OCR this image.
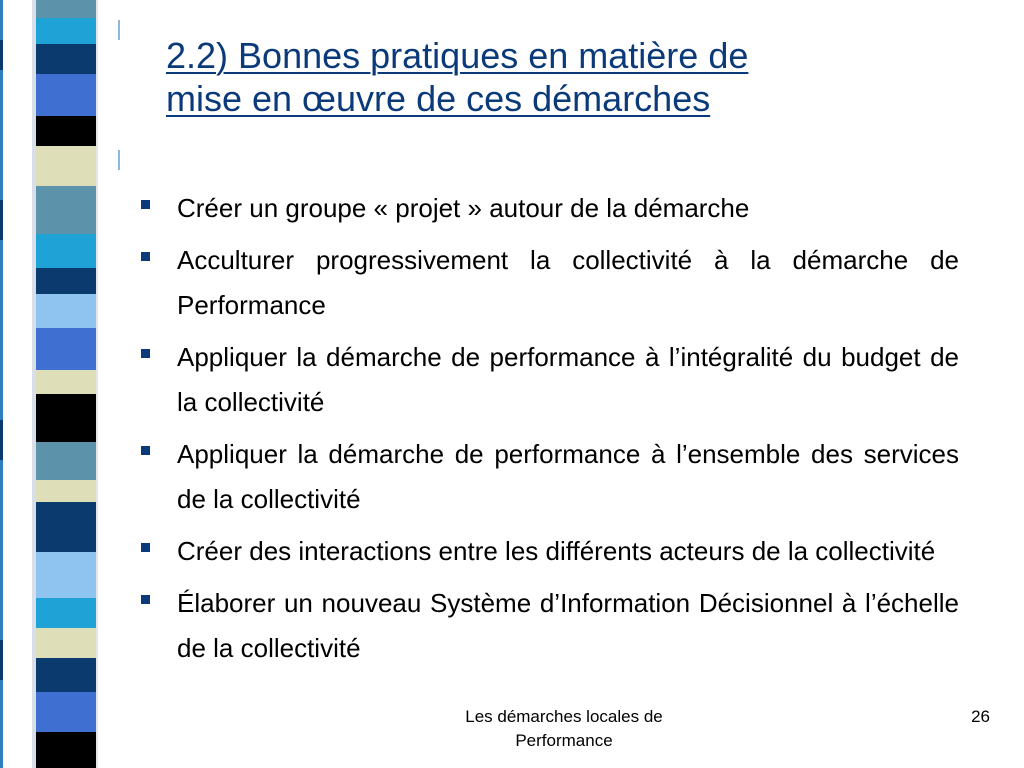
2.2) Bonnes pratiques en matière de
mise en œuvre de ces démarches
Créer un groupe « projet » autour de la démarche
Acculturer progressivement la collectivité à la démarche de Performance
Appliquer la démarche de performance à l’intégralité du budget de la collectivité
Appliquer la démarche de performance à l’ensemble des services de la collectivité
Créer des interactions entre les différents acteurs de la collectivité
Élaborer un nouveau Système d’Information Décisionnel à l’échelle de la collectivité
Les démarches locales de Performance
26
